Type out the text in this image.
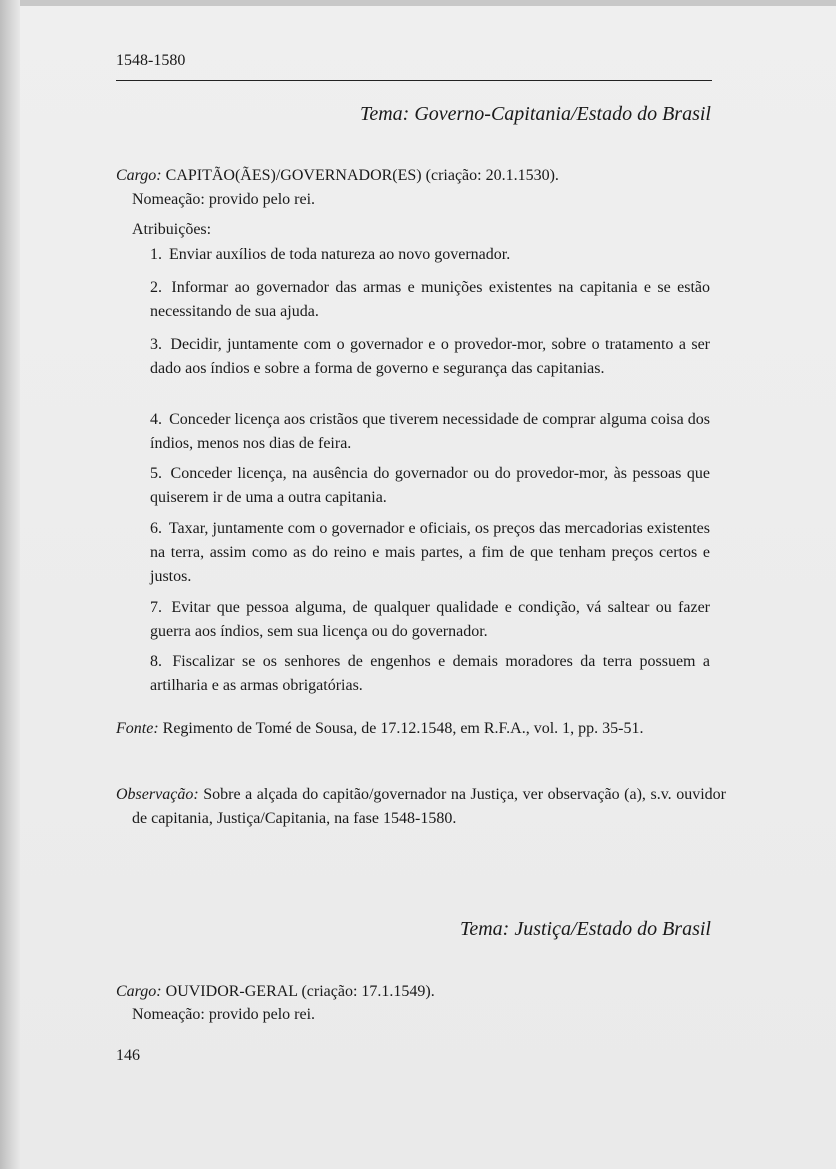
1548-1580
Tema: Governo-Capitania/Estado do Brasil
Cargo: CAPITÃO(ÃES)/GOVERNADOR(ES) (criação: 20.1.1530).
Nomeação: provido pelo rei.
Atribuições:
1. Enviar auxílios de toda natureza ao novo governador.
2. Informar ao governador das armas e munições existentes na capitania e se estão necessitando de sua ajuda.
3. Decidir, juntamente com o governador e o provedor-mor, sobre o tratamento a ser dado aos índios e sobre a forma de governo e segurança das capitanias.
4. Conceder licença aos cristãos que tiverem necessidade de comprar alguma coisa dos índios, menos nos dias de feira.
5. Conceder licença, na ausência do governador ou do provedor-mor, às pessoas que quiserem ir de uma a outra capitania.
6. Taxar, juntamente com o governador e oficiais, os preços das mercadorias existentes na terra, assim como as do reino e mais partes, a fim de que tenham preços certos e justos.
7. Evitar que pessoa alguma, de qualquer qualidade e condição, vá saltear ou fazer guerra aos índios, sem sua licença ou do governador.
8. Fiscalizar se os senhores de engenhos e demais moradores da terra possuem a artilharia e as armas obrigatórias.
Fonte: Regimento de Tomé de Sousa, de 17.12.1548, em R.F.A., vol. 1, pp. 35-51.
Observação: Sobre a alçada do capitão/governador na Justiça, ver observação (a), s.v. ouvidor de capitania, Justiça/Capitania, na fase 1548-1580.
Tema: Justiça/Estado do Brasil
Cargo: OUVIDOR-GERAL (criação: 17.1.1549).
Nomeação: provido pelo rei.
146
